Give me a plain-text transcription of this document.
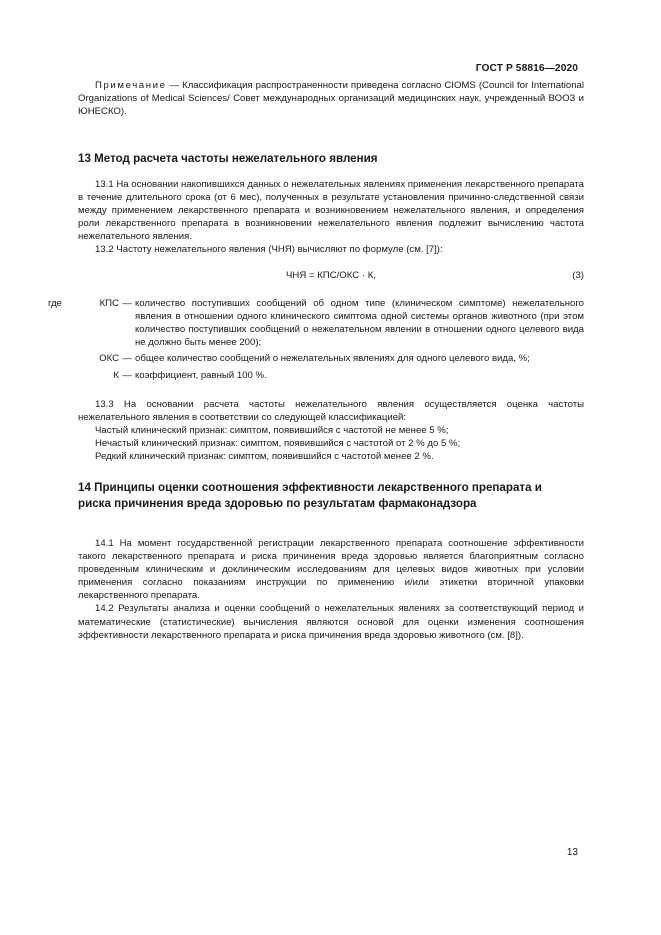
ГОСТ Р 58816—2020

Примечание — Классификация распространенности приведена согласно CIOMS (Council for International Organizations of Medical Sciences/ Совет международных организаций медицинских наук, учрежденный ВООЗ и ЮНЕСКО).

13 Метод расчета частоты нежелательного явления

13.1 На основании накопившихся данных о нежелательных явлениях применения лекарственного препарата в течение длительного срока (от 6 мес), полученных в результате установления причинно-следственной связи между применением лекарственного препарата и возникновением нежелательного явления, и определения роли лекарственного препарата в возникновении нежелательного явления подлежит вычислению частота нежелательного явления.

13.2 Частоту нежелательного явления (ЧНЯ) вычисляют по формуле (см. [7]):

ЧНЯ = КПС/ОКС · К,	(3)
где	КПС — количество поступивших сообщений об одном типе (клиническом симптоме) нежелательного явления в отношении одного клинического симптома одной системы органов животного (при этом количество поступивших сообщений о нежелательном явлении в отношении одного целевого вида не должно быть менее 200);
ОКС — общее количество сообщений о нежелательных явлениях для одного целевого вида, %;
К — коэффициент, равный 100 %.

13.3 На основании расчета частоты нежелательного явления осуществляется оценка частоты нежелательного явления в соответствии со следующей классификацией:

Частый клинический признак: симптом, появившийся с частотой не менее 5 %;

Нечастый клинический признак: симптом, появившийся с частотой от 2 % до 5 %;

Редкий клинический признак: симптом, появившийся с частотой менее 2 %.

14 Принципы оценки соотношения эффективности лекарственного препарата и риска причинения вреда здоровью по результатам фармаконадзора

14.1 На момент государственной регистрации лекарственного препарата соотношение эффективности такого лекарственного препарата и риска причинения вреда здоровью является благоприятным согласно проведенным клиническим и доклиническим исследованиям для целевых видов животных при условии применения согласно показаниям инструкции по применению и/или этикетки вторичной упаковки лекарственного препарата.

14.2 Результаты анализа и оценки сообщений о нежелательных явлениях за соответствующий период и математические (статистические) вычисления являются основой для оценки изменения соотношения эффективности лекарственного препарата и риска причинения вреда здоровью животного (см. [8]).

13
